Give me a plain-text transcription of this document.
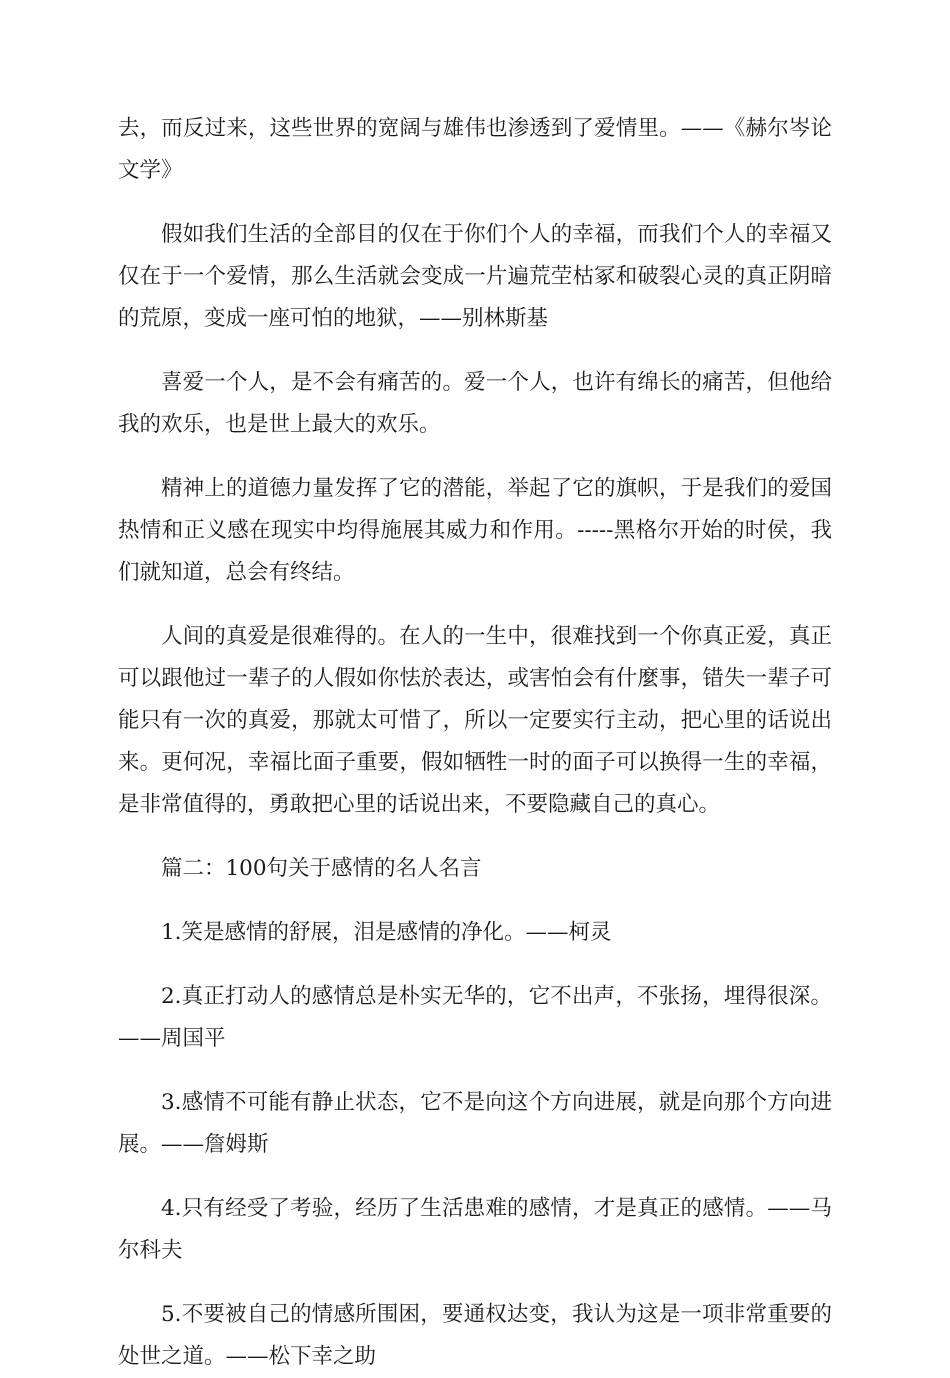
去，而反过来，这些世界的宽阔与雄伟也渗透到了爱情里。——《赫尔岑论文学》

假如我们生活的全部目的仅在于你们个人的幸福，而我们个人的幸福又仅在于一个爱情，那么生活就会变成一片遍荒茔枯冢和破裂心灵的真正阴暗的荒原，变成一座可怕的地狱，——别林斯基

喜爱一个人，是不会有痛苦的。爱一个人，也许有绵长的痛苦，但他给我的欢乐，也是世上最大的欢乐。

精神上的道德力量发挥了它的潜能，举起了它的旗帜，于是我们的爱国热情和正义感在现实中均得施展其威力和作用。-----黑格尔开始的时侯，我们就知道，总会有终结。

人间的真爱是很难得的。在人的一生中，很难找到一个你真正爱，真正可以跟他过一辈子的人假如你怯於表达，或害怕会有什麼事，错失一辈子可能只有一次的真爱，那就太可惜了，所以一定要实行主动，把心里的话说出来。更何况，幸福比面子重要，假如牺牲一时的面子可以换得一生的幸福，是非常值得的，勇敢把心里的话说出来，不要隐藏自己的真心。

篇二：100句关于感情的名人名言

1.笑是感情的舒展，泪是感情的净化。——柯灵

2.真正打动人的感情总是朴实无华的，它不出声，不张扬，埋得很深。——周国平

3.感情不可能有静止状态，它不是向这个方向进展，就是向那个方向进展。——詹姆斯

4.只有经受了考验，经历了生活患难的感情，才是真正的感情。——马尔科夫

5.不要被自己的情感所围困，要通权达变，我认为这是一项非常重要的处世之道。——松下幸之助
